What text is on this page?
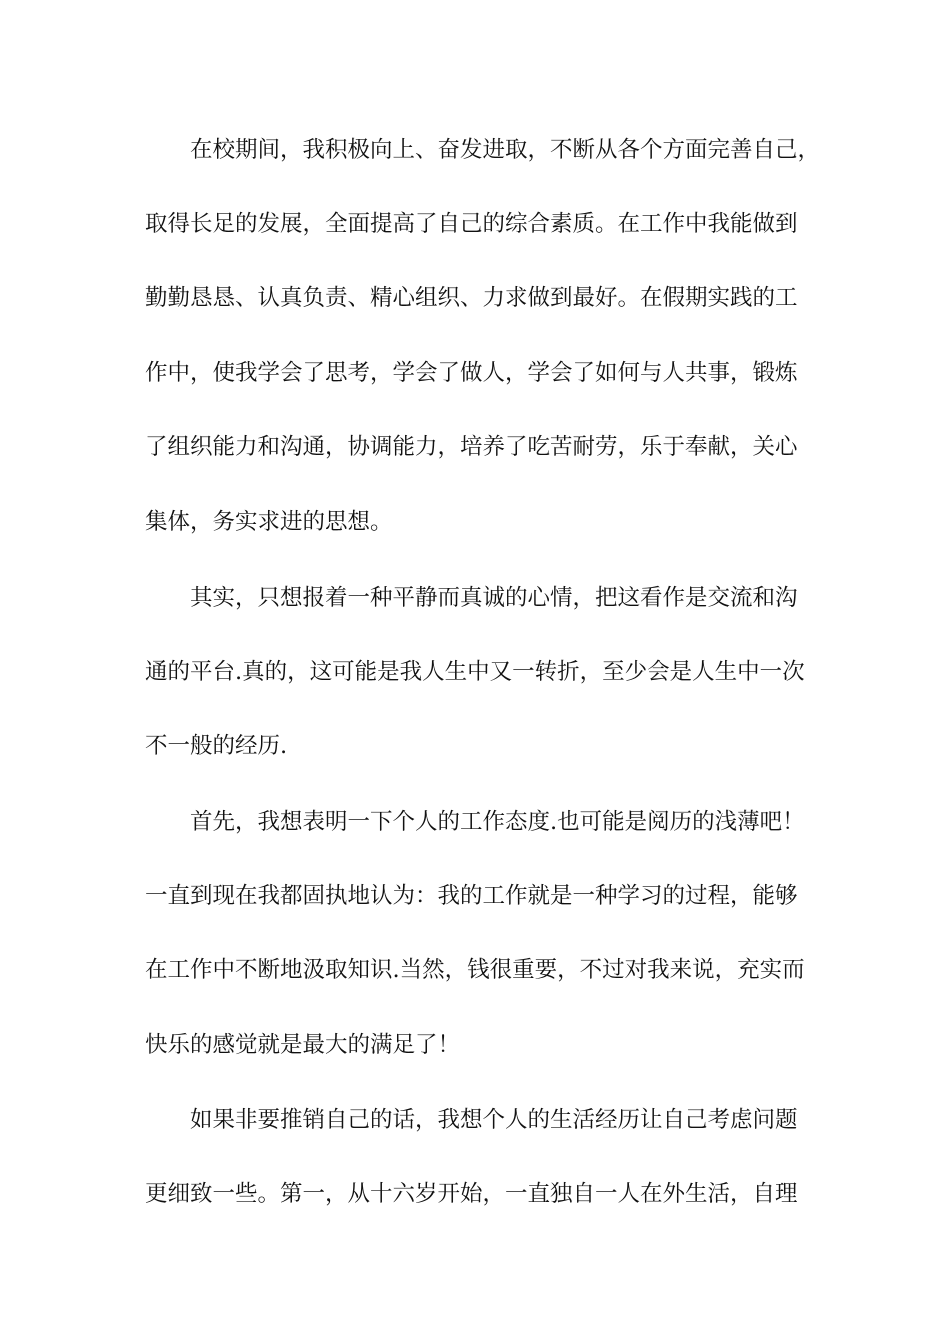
在校期间，我积极向上、奋发进取，不断从各个方面完善自己，
取得长足的发展，全面提高了自己的综合素质。在工作中我能做到
勤勤恳恳、认真负责、精心组织、力求做到最好。在假期实践的工
作中，使我学会了思考，学会了做人，学会了如何与人共事，锻炼
了组织能力和沟通，协调能力，培养了吃苦耐劳，乐于奉献，关心
集体，务实求进的思想。
其实，只想报着一种平静而真诚的心情，把这看作是交流和沟
通的平台.真的，这可能是我人生中又一转折，至少会是人生中一次
不一般的经历.
首先，我想表明一下个人的工作态度.也可能是阅历的浅薄吧！
一直到现在我都固执地认为：我的工作就是一种学习的过程，能够
在工作中不断地汲取知识.当然，钱很重要，不过对我来说，充实而
快乐的感觉就是最大的满足了！
如果非要推销自己的话，我想个人的生活经历让自己考虑问题
更细致一些。第一，从十六岁开始，一直独自一人在外生活，自理
